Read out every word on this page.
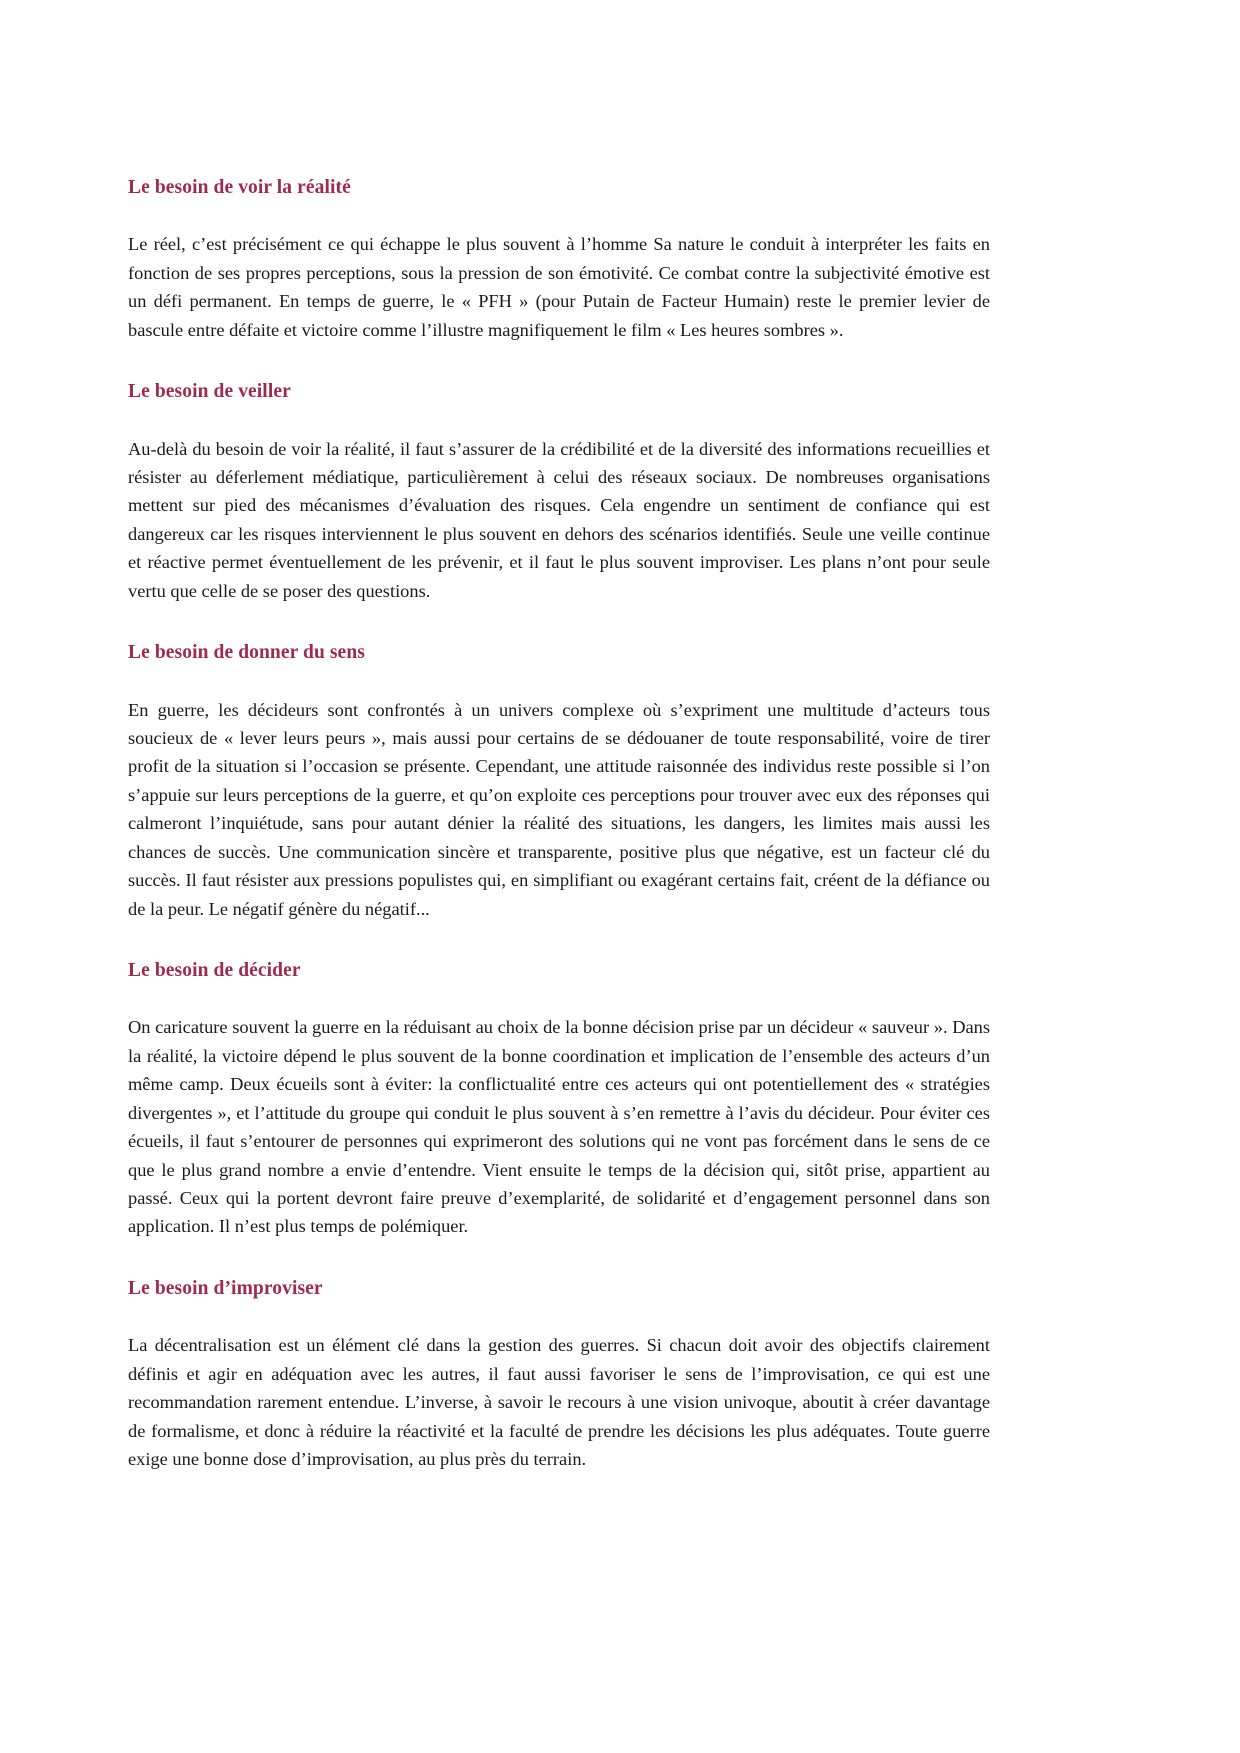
Le besoin de voir la réalité

Le réel, c’est précisément ce qui échappe le plus souvent à l’homme Sa nature le conduit à interpréter les faits en fonction de ses propres perceptions, sous la pression de son émotivité. Ce combat contre la subjectivité émotive est un défi permanent. En temps de guerre, le « PFH » (pour Putain de Facteur Humain) reste le premier levier de bascule entre défaite et victoire comme l’illustre magnifiquement le film « Les heures sombres ».

Le besoin de veiller

Au-delà du besoin de voir la réalité, il faut s’assurer de la crédibilité et de la diversité des informations recueillies et résister au déferlement médiatique, particulièrement à celui des réseaux sociaux. De nombreuses organisations mettent sur pied des mécanismes d’évaluation des risques. Cela engendre un sentiment de confiance qui est dangereux car les risques interviennent le plus souvent en dehors des scénarios identifiés. Seule une veille continue et réactive permet éventuellement de les prévenir, et il faut le plus souvent improviser. Les plans n’ont pour seule vertu que celle de se poser des questions.

Le besoin de donner du sens

En guerre, les décideurs sont confrontés à un univers complexe où s’expriment une multitude d’acteurs tous soucieux de « lever leurs peurs », mais aussi pour certains de se dédouaner de toute responsabilité, voire de tirer profit de la situation si l’occasion se présente. Cependant, une attitude raisonnée des individus reste possible si l’on s’appuie sur leurs perceptions de la guerre, et qu’on exploite ces perceptions pour trouver avec eux des réponses qui calmeront l’inquiétude, sans pour autant dénier la réalité des situations, les dangers, les limites mais aussi les chances de succès. Une communication sincère et transparente, positive plus que négative, est un facteur clé du succès. Il faut résister aux pressions populistes qui, en simplifiant ou exagérant certains fait, créent de la défiance ou de la peur. Le négatif génère du négatif...

Le besoin de décider

On caricature souvent la guerre en la réduisant au choix de la bonne décision prise par un décideur « sauveur ». Dans la réalité, la victoire dépend le plus souvent de la bonne coordination et implication de l’ensemble des acteurs d’un même camp. Deux écueils sont à éviter: la conflictualité entre ces acteurs qui ont potentiellement des « stratégies divergentes », et l’attitude du groupe qui conduit le plus souvent à s’en remettre à l’avis du décideur. Pour éviter ces écueils, il faut s’entourer de personnes qui exprimeront des solutions qui ne vont pas forcément dans le sens de ce que le plus grand nombre a envie d’entendre. Vient ensuite le temps de la décision qui, sitôt prise, appartient au passé. Ceux qui la portent devront faire preuve d’exemplarité, de solidarité et d’engagement personnel dans son application. Il n’est plus temps de polémiquer.

Le besoin d’improviser

La décentralisation est un élément clé dans la gestion des guerres. Si chacun doit avoir des objectifs clairement définis et agir en adéquation avec les autres, il faut aussi favoriser le sens de l’improvisation, ce qui est une recommandation rarement entendue. L’inverse, à savoir le recours à une vision univoque, aboutit à créer davantage de formalisme, et donc à réduire la réactivité et la faculté de prendre les décisions les plus adéquates. Toute guerre exige une bonne dose d’improvisation, au plus près du terrain.
